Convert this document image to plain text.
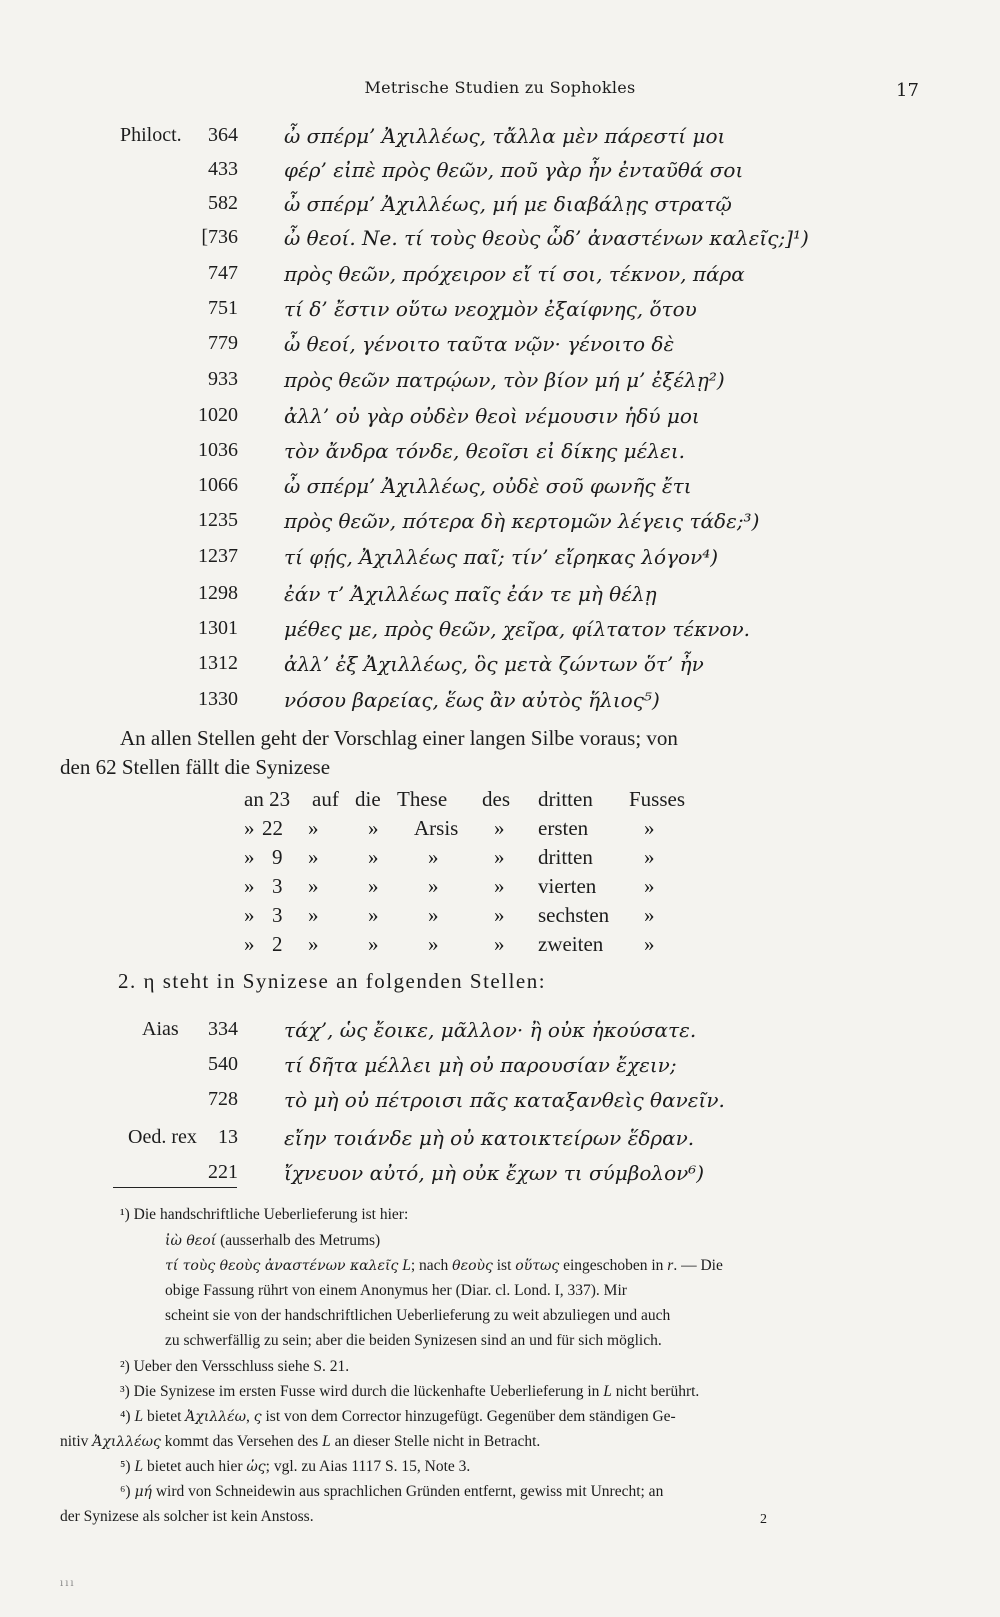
Metrische Studien zu Sophokles	17
Philoct.	364 ὦ σπέρμ’ Ἀχιλλέως, τἄλλα μὲν πάρεστί μοι
433 φέρ’ εἰπὲ πρὸς θεῶν, ποῦ γὰρ ἦν ἐνταῦθά σοι
582 ὦ σπέρμ’ Ἀχιλλέως, μή με διαβάλῃς στρατῷ
[736 ὦ θεοί. Ne. τί τοὺς θεοὺς ὧδ’ ἀναστένων καλεῖς;]¹)
747 πρὸς θεῶν, πρόχειρον εἴ τί σοι, τέκνον, πάρα
751 τί δ’ ἔστιν οὕτω νεοχμὸν ἐξαίφνης, ὅτου
779 ὦ θεοί, γένοιτο ταῦτα νῷν· γένοιτο δὲ
933 πρὸς θεῶν πατρῴων, τὸν βίον μή μ’ ἐξέλῃ²)
1020 ἀλλ’ οὐ γὰρ οὐδὲν θεοὶ νέμουσιν ἡδύ μοι
1036 τὸν ἄνδρα τόνδε, θεοῖσι εἰ δίκης μέλει.
1066 ὦ σπέρμ’ Ἀχιλλέως, οὐδὲ σοῦ φωνῆς ἔτι
1235 πρὸς θεῶν, πότερα δὴ κερτομῶν λέγεις τάδε;³)
1237 τί φῄς, Ἀχιλλέως παῖ; τίν’ εἴρηκας λόγον⁴)
1298 ἐάν τ’ Ἀχιλλέως παῖς ἐάν τε μὴ θέλῃ
1301 μέθες με, πρὸς θεῶν, χεῖρα, φίλτατον τέκνον.
1312 ἀλλ’ ἐξ Ἀχιλλέως, ὃς μετὰ ζώντων ὅτ’ ἦν
1330 νόσου βαρείας, ἕως ἂν αὐτὸς ἥλιος⁵)
An allen Stellen geht der Vorschlag einer langen Silbe voraus; von
den 62 Stellen fällt die Synizese
an 23 auf die These des dritten Fusses
» 22 » » Arsis » ersten	»
» 9 » » »	» dritten »
» 3 » » »	» vierten »
» 3 » » »	» sechsten »
» 2 » » »	» zweiten »
2. η steht in Synizese an folgenden Stellen:
Aias	334 τάχ’, ὡς ἔοικε, μᾶλλον· ἢ οὐκ ἠκούσατε.
540 τί δῆτα μέλλει μὴ οὐ παρουσίαν ἔχειν;
728 τὸ μὴ οὐ πέτροισι πᾶς καταξανθεὶς θανεῖν.
Oed. rex	13 εἴην τοιάνδε μὴ οὐ κατοικτείρων ἕδραν.
221 ἴχνευον αὐτό, μὴ οὐκ ἔχων τι σύμβολον⁶)
¹) Die handschriftliche Ueberlieferung ist hier:
ἰὼ θεοί (ausserhalb des Metrums)
τί τοὺς θεοὺς ἀναστένων καλεῖς L; nach θεοὺς ist οὕτως eingeschoben in r. — Die
obige Fassung rührt von einem Anonymus her (Diar. cl. Lond. I, 337). Mir
scheint sie von der handschriftlichen Ueberlieferung zu weit abzuliegen und auch
zu schwerfällig zu sein; aber die beiden Synizesen sind an und für sich möglich.
²) Ueber den Versschluss siehe S. 21.
³) Die Synizese im ersten Fusse wird durch die lückenhafte Ueberlieferung in L nicht berührt.
⁴) L bietet Ἀχιλλέω, ς ist von dem Corrector hinzugefügt. Gegenüber dem ständigen Ge-
nitiv Ἀχιλλέως kommt das Versehen des L an dieser Stelle nicht in Betracht.
⁵) L bietet auch hier ὡς; vgl. zu Aias 1117 S. 15, Note 3.
⁶) μή wird von Schneidewin aus sprachlichen Gründen entfernt, gewiss mit Unrecht; an
der Synizese als solcher ist kein Anstoss.	2
ııı
